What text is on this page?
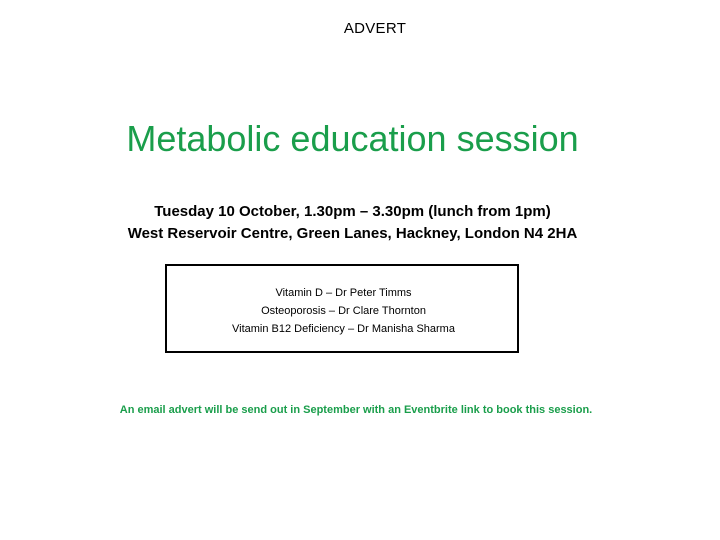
ADVERT
Metabolic education session
Tuesday 10 October, 1.30pm – 3.30pm (lunch from 1pm)
West Reservoir Centre, Green Lanes, Hackney, London N4 2HA
Vitamin D – Dr Peter Timms
Osteoporosis – Dr Clare Thornton
Vitamin B12 Deficiency – Dr Manisha Sharma
An email advert will be send out in September with an Eventbrite link to book this session.
